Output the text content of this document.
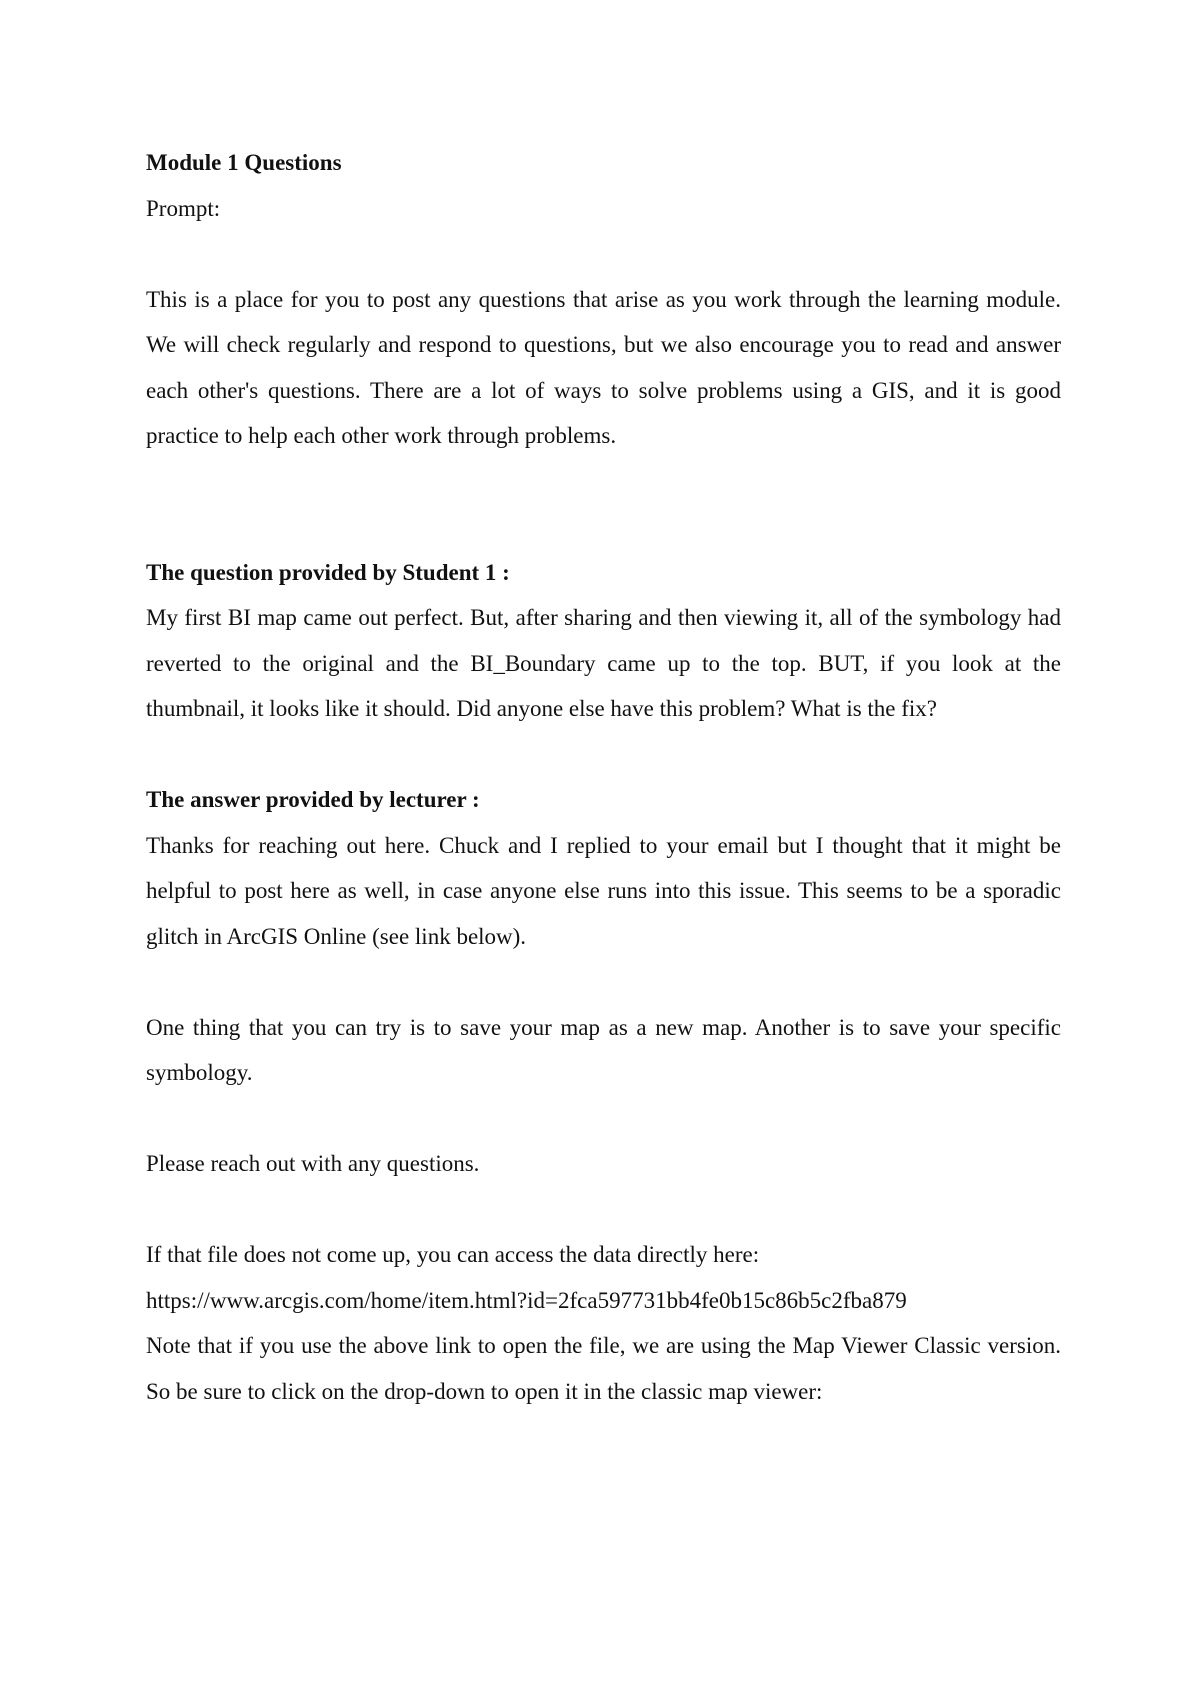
Module 1 Questions

Prompt:

This is a place for you to post any questions that arise as you work through the learning module. We will check regularly and respond to questions, but we also encourage you to read and answer each other's questions. There are a lot of ways to solve problems using a GIS, and it is good practice to help each other work through problems.

The question provided by Student 1 :

My first BI map came out perfect. But, after sharing and then viewing it, all of the symbology had reverted to the original and the BI_Boundary came up to the top. BUT, if you look at the thumbnail, it looks like it should. Did anyone else have this problem? What is the fix?

The answer provided by lecturer :

Thanks for reaching out here. Chuck and I replied to your email but I thought that it might be helpful to post here as well, in case anyone else runs into this issue. This seems to be a sporadic glitch in ArcGIS Online (see link below).

One thing that you can try is to save your map as a new map. Another is to save your specific symbology.

Please reach out with any questions.

If that file does not come up, you can access the data directly here:

https://www.arcgis.com/home/item.html?id=2fca597731bb4fe0b15c86b5c2fba879

Note that if you use the above link to open the file, we are using the Map Viewer Classic version. So be sure to click on the drop-down to open it in the classic map viewer:
